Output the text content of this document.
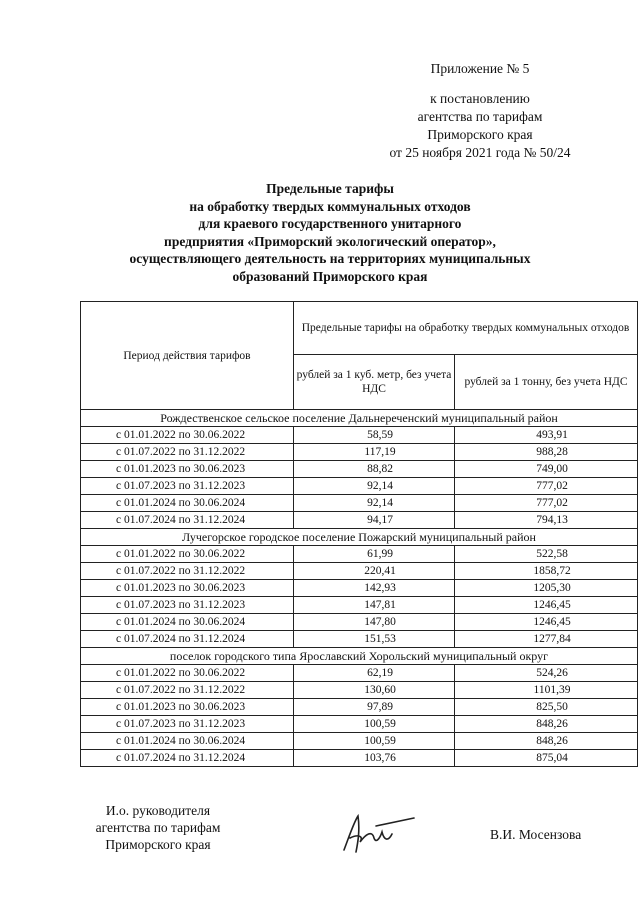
Приложение № 5
к постановлению
агентства по тарифам
Приморского края
от 25 ноября 2021 года № 50/24
Предельные тарифы
на обработку твердых коммунальных отходов
для краевого государственного унитарного
предприятия «Приморский экологический оператор»,
осуществляющего деятельность на территориях муниципальных
образований Приморского края
Период действия тарифов	Предельные тарифы на обработку твердых коммунальных отходов	
	рублей за 1 куб. метр, без учета НДС	рублей за 1 тонну, без учета НДС
Рождественское сельское поселение Дальнереченский муниципальный район		
с 01.01.2022 по 30.06.2022	58,59	493,91
с 01.07.2022 по 31.12.2022	117,19	988,28
с 01.01.2023 по 30.06.2023	88,82	749,00
с 01.07.2023 по 31.12.2023	92,14	777,02
с 01.01.2024 по 30.06.2024	92,14	777,02
с 01.07.2024 по 31.12.2024	94,17	794,13
Лучегорское городское поселение Пожарский муниципальный район		
с 01.01.2022 по 30.06.2022	61,99	522,58
с 01.07.2022 по 31.12.2022	220,41	1858,72
с 01.01.2023 по 30.06.2023	142,93	1205,30
с 01.07.2023 по 31.12.2023	147,81	1246,45
с 01.01.2024 по 30.06.2024	147,80	1246,45
с 01.07.2024 по 31.12.2024	151,53	1277,84
поселок городского типа Ярославский Хорольский муниципальный округ		
с 01.01.2022 по 30.06.2022	62,19	524,26
с 01.07.2022 по 31.12.2022	130,60	1101,39
с 01.01.2023 по 30.06.2023	97,89	825,50
с 01.07.2023 по 31.12.2023	100,59	848,26
с 01.01.2024 по 30.06.2024	100,59	848,26
с 01.07.2024 по 31.12.2024	103,76	875,04
И.о. руководителя
агентства по тарифам
Приморского края
В.И. Мосензова
